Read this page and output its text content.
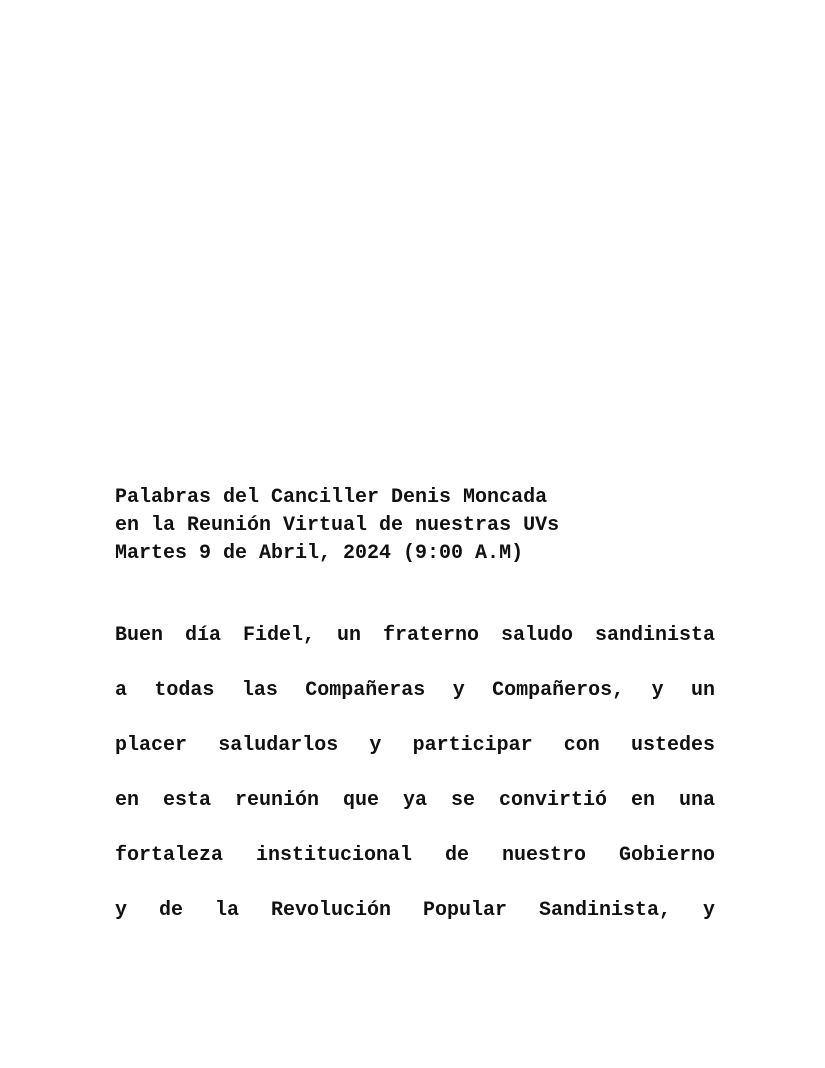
Palabras del Canciller Denis Moncada

en la Reunión Virtual de nuestras UVs

Martes 9 de Abril, 2024 (9:00 A.M)

Buen día Fidel, un fraterno saludo sandinista

a todas las Compañeras y Compañeros, y un

placer saludarlos y participar con ustedes

en esta reunión que ya se convirtió en una

fortaleza institucional de nuestro Gobierno

y de la Revolución Popular Sandinista, y
